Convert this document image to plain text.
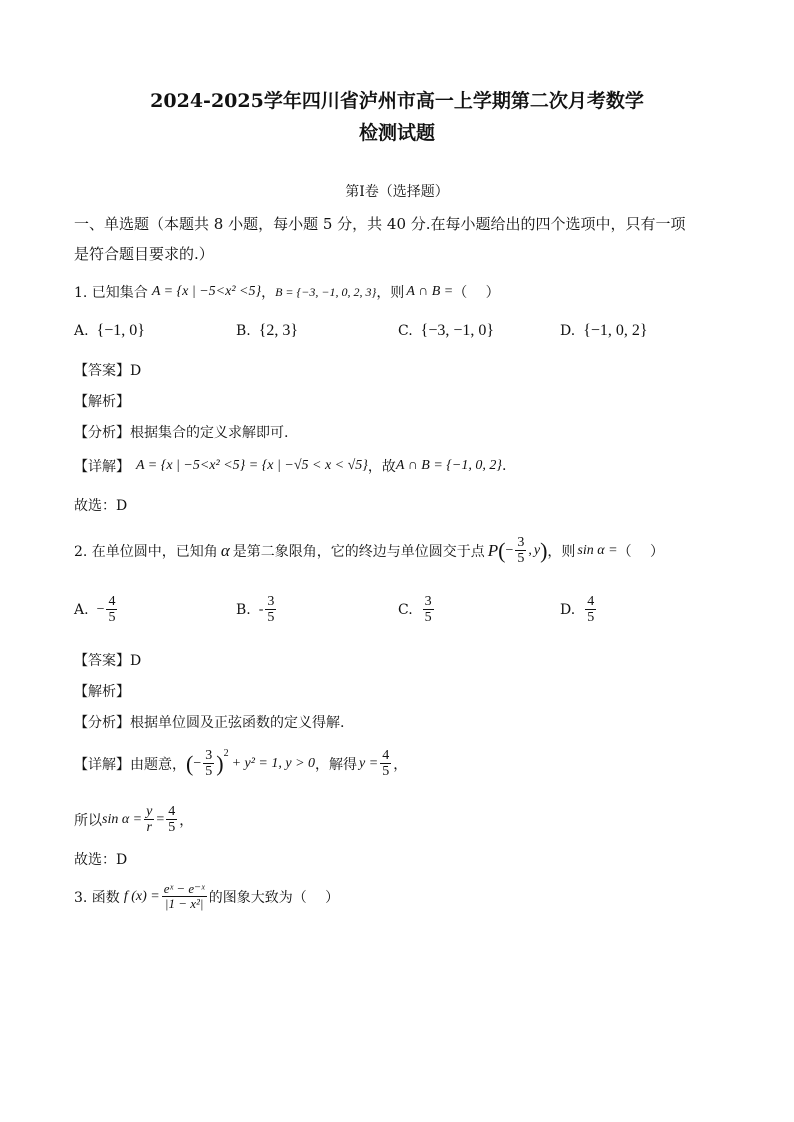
2024-2025学年四川省泸州市高一上学期第二次月考数学
检测试题
第Ⅰ卷（选择题）
一、单选题（本题共 8 小题，每小题 5 分，共 40 分.在每小题给出的四个选项中，只有一项
是符合题目要求的.）
1. 已知集合 A = {x | −5<x² <5} ， B = {−3, −1, 0, 2, 3} ，则 A ∩ B = （　 ）
A. {−1, 0}	B. {2, 3}	C. {−3, −1, 0}	D. {−1, 0, 2}
【答案】D
【解析】
【分析】根据集合的定义求解即可.
【详解】 A = {x | −5<x² <5} = {x | −√5 < x < √5} ，故 A ∩ B = {−1, 0, 2} .
故选：D
2. 在单位圆中，已知角 α 是第二象限角，它的终边与单位圆交于点 P ( − $\frac{3}{5}$ , y ) ，则 sin α = （　 ）
A. − $\frac{4}{5}$	B. - $\frac{3}{5}$	C. $\frac{3}{5}$	D. $\frac{4}{5}$
【答案】D
【解析】
【分析】根据单位圆及正弦函数的定义得解.
【详解】由题意， ( − $\frac{3}{5} )^2$
+ y² = 1, y > 0 ，解得 $y = \frac{4}{5}$ ，
所以 $\sin \alpha = \frac{y}{r} = \frac{4}{5}$ ，
故选：D
3. 函数 f $(x) = \frac{\text{eˣ − e⁻ˣ}}{\text{|1 − x²|}}$ 的图象大致为（　 ）
